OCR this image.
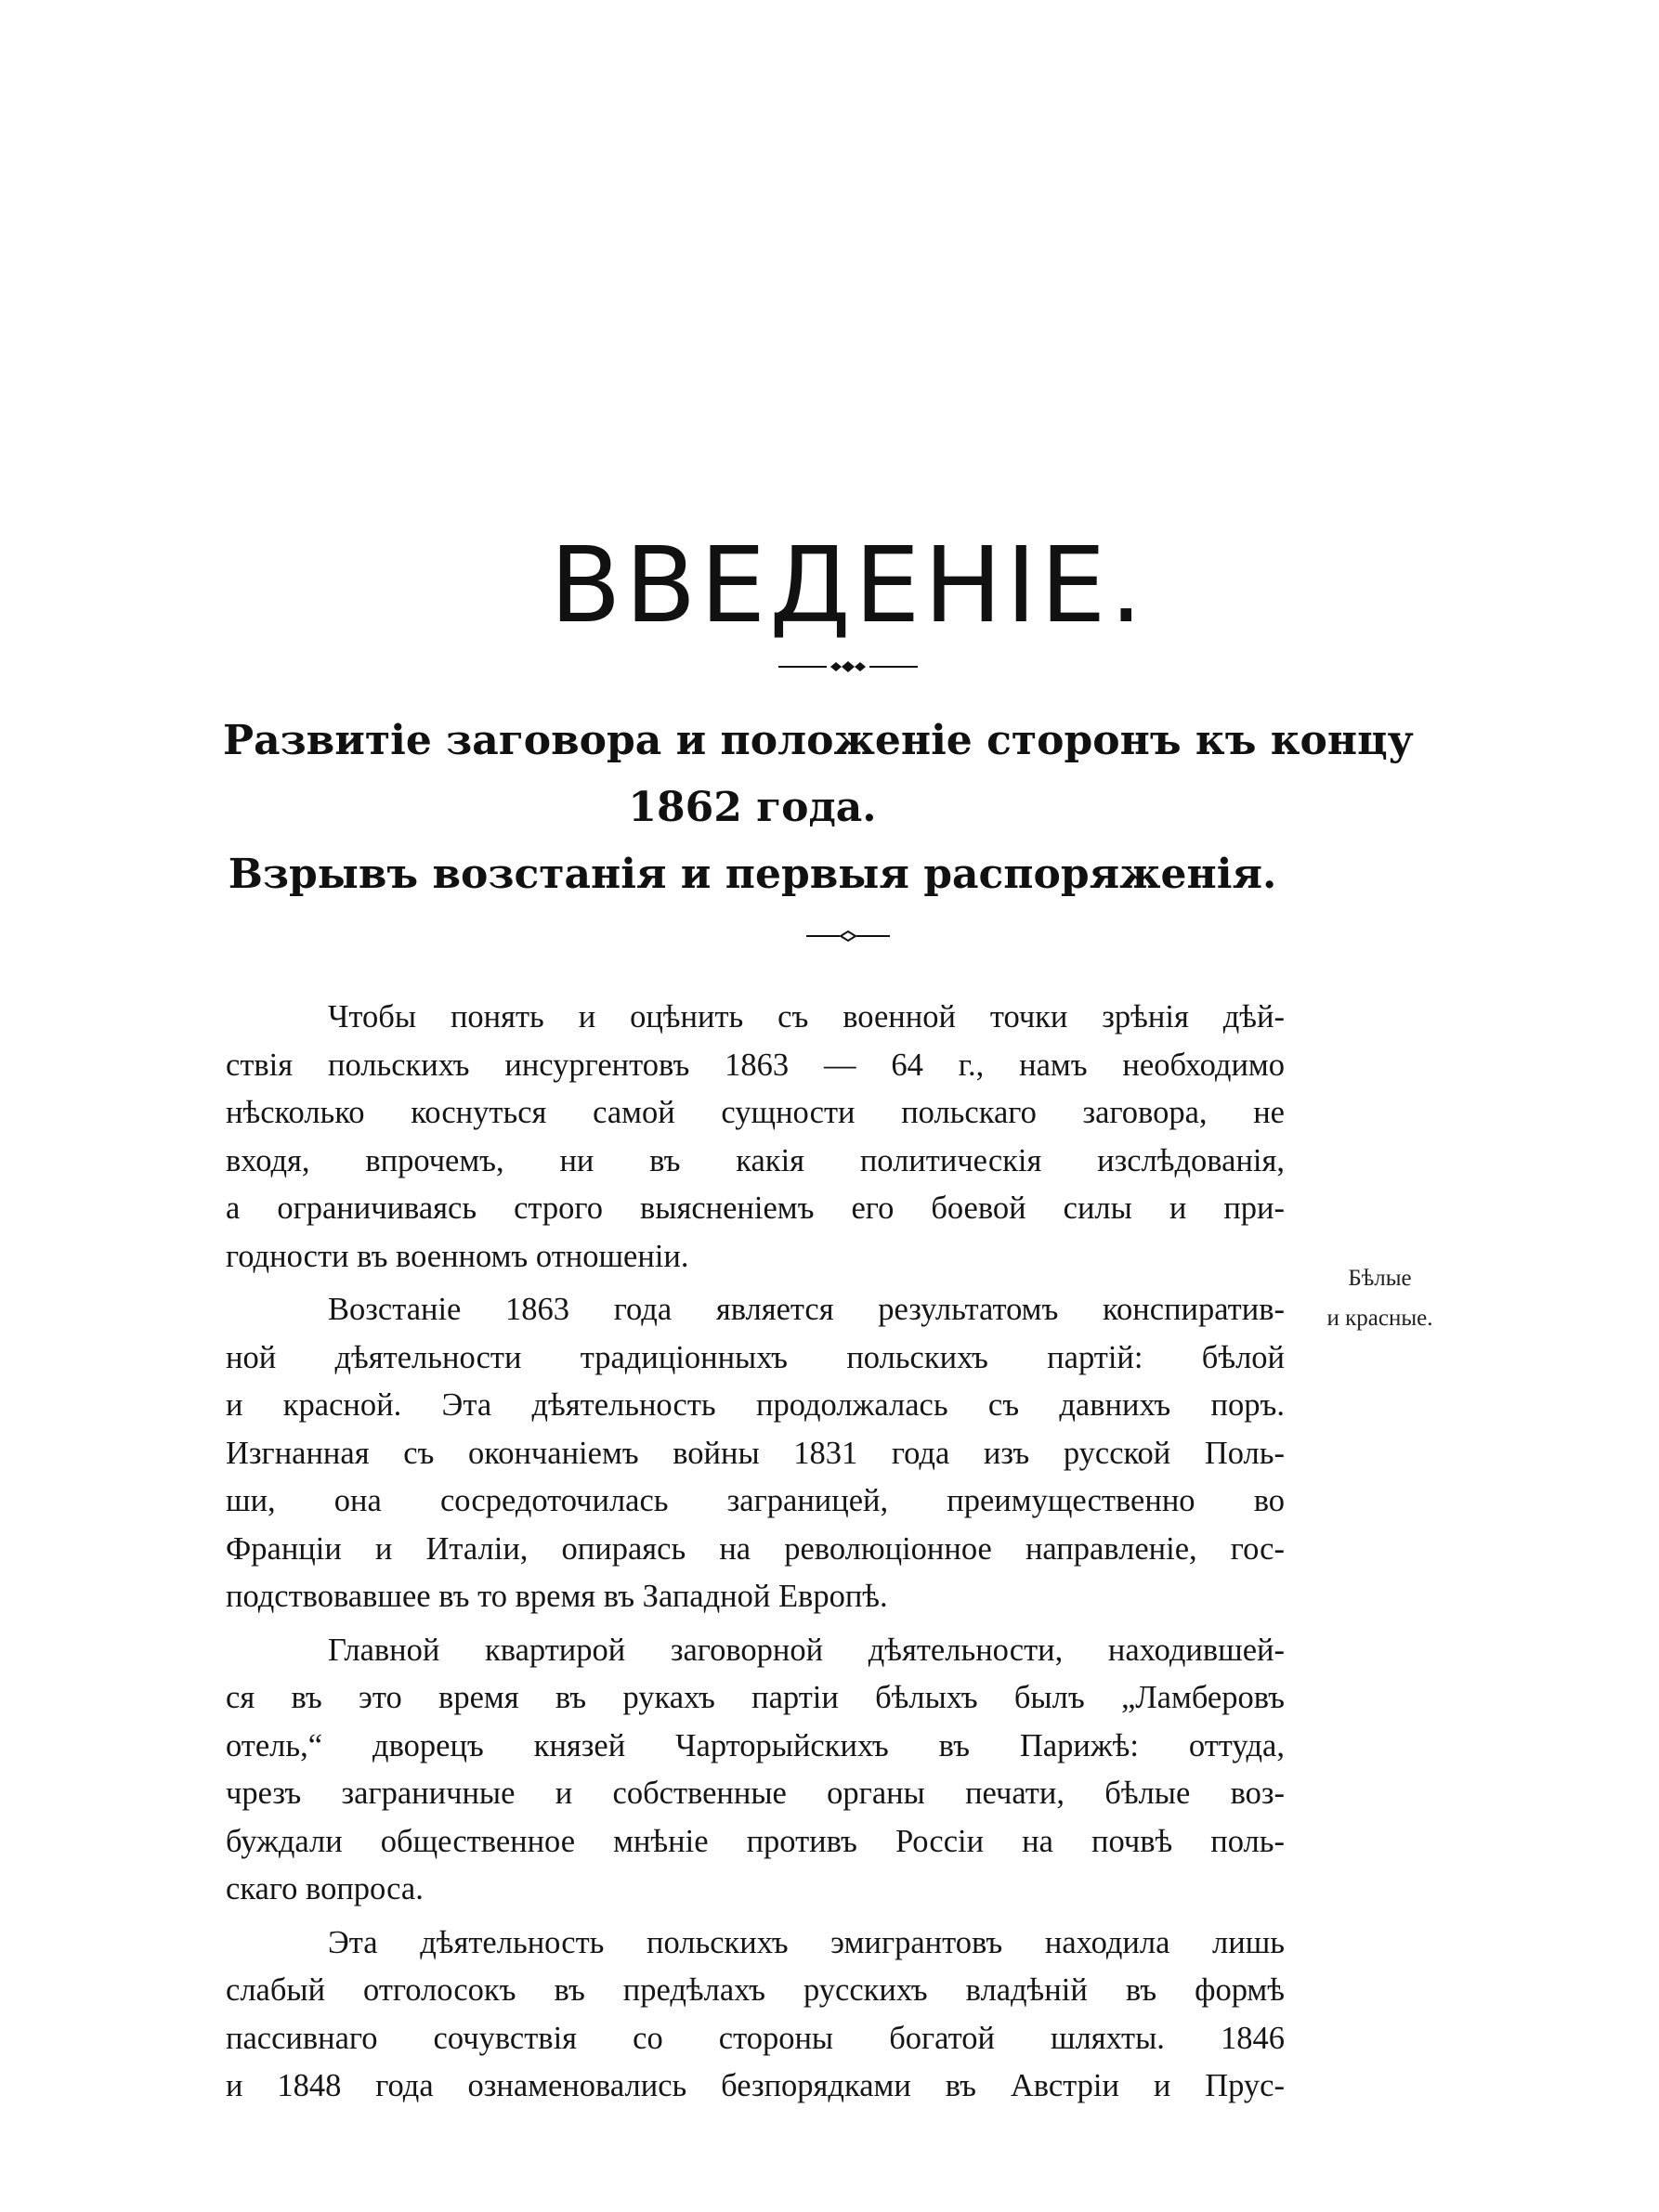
ВВЕДЕНІЕ.
Развитіе заговора и положеніе сторонъ къ концу
1862 года.
Взрывъ возстанія и первыя распоряженія.
Чтобы понять и оцѣнить съ военной точки зрѣнія дѣй-
ствія польскихъ инсургентовъ 1863 — 64 г., намъ необходимо
нѣсколько коснуться самой сущности польскаго заговора, не
входя, впрочемъ, ни въ какія политическія изслѣдованія,
а ограничиваясь строго выясненіемъ его боевой силы и при-
годности въ военномъ отношеніи.
Возстаніе 1863 года является результатомъ конспиратив-
ной дѣятельности традиціонныхъ польскихъ партій: бѣлой
и красной. Эта дѣятельность продолжалась съ давнихъ поръ.
Изгнанная съ окончаніемъ войны 1831 года изъ русской Поль-
ши, она сосредоточилась заграницей, преимущественно во
Франціи и Италіи, опираясь на революціонное направленіе, гос-
подствовавшее въ то время въ Западной Европѣ.
Главной квартирой заговорной дѣятельности, находившей-
ся въ это время въ рукахъ партіи бѣлыхъ былъ „Ламберовъ
отель,“ дворецъ князей Чарторыйскихъ въ Парижѣ: оттуда,
чрезъ заграничные и собственные органы печати, бѣлые воз-
буждали общественное мнѣніе противъ Россіи на почвѣ поль-
скаго вопроса.
Эта дѣятельность польскихъ эмигрантовъ находила лишь
слабый отголосокъ въ предѣлахъ русскихъ владѣній въ формѣ
пассивнаго сочувствія со стороны богатой шляхты. 1846
и 1848 года ознаменовались безпорядками въ Австріи и Прус-
Бѣлые
и красные.
